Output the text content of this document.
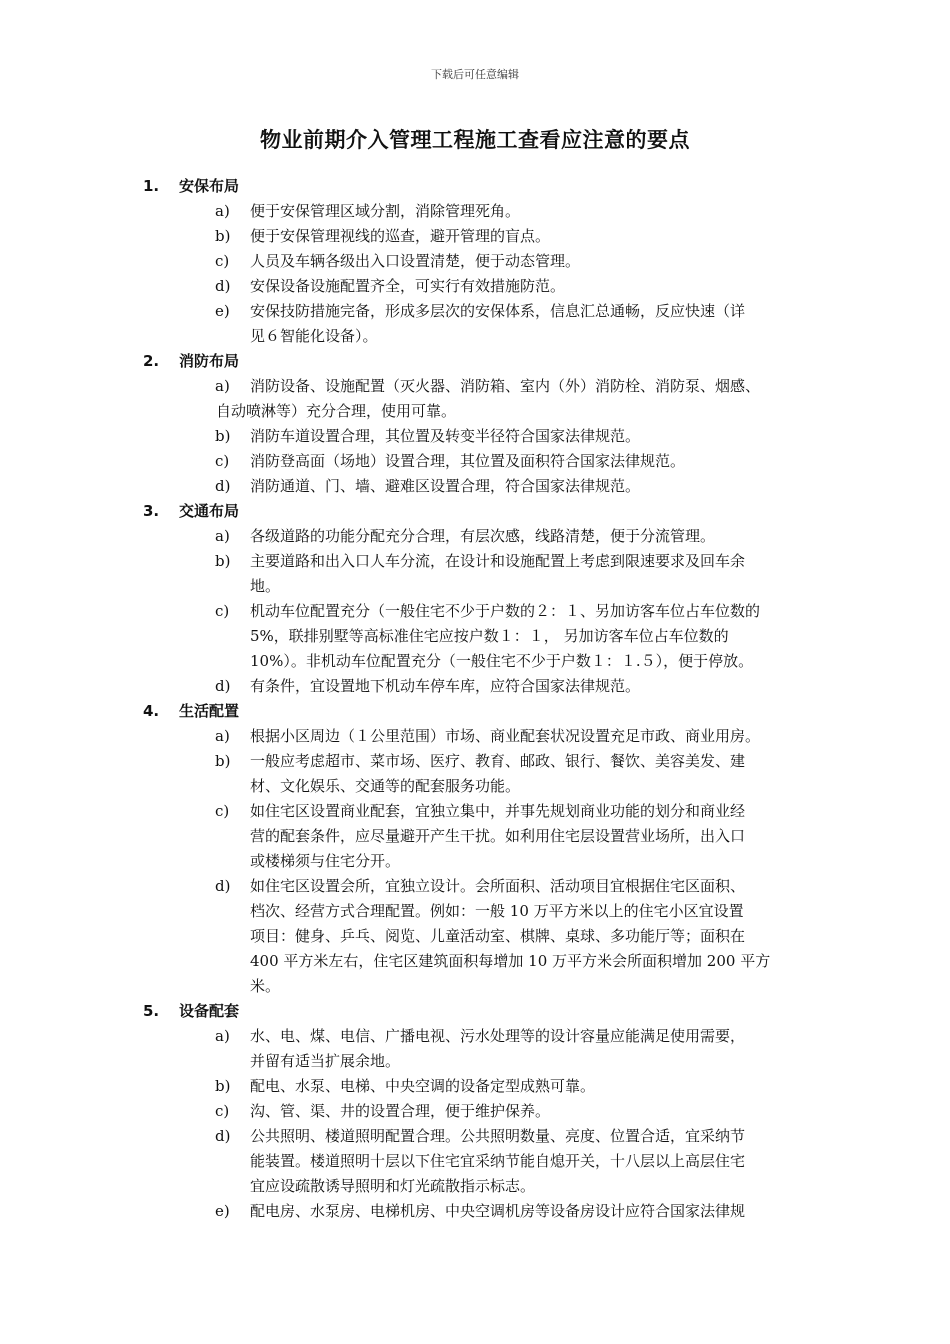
下载后可任意编辑
物业前期介入管理工程施工查看应注意的要点
1. 安保布局
a) 便于安保管理区域分割，消除管理死角。
b) 便于安保管理视线的巡查，避开管理的盲点。
c) 人员及车辆各级出入口设置清楚，便于动态管理。
d) 安保设备设施配置齐全，可实行有效措施防范。
e) 安保技防措施完备，形成多层次的安保体系，信息汇总通畅，反应快速（详
见６智能化设备）。
2. 消防布局
a)	消防设备、设施配置（灭火器、消防箱、室内（外）消防栓、消防泵、烟感、
自动喷淋等）充分合理，使用可靠。
b) 消防车道设置合理，其位置及转变半径符合国家法律规范。
c) 消防登高面（场地）设置合理，其位置及面积符合国家法律规范。
d) 消防通道、门、墙、避难区设置合理，符合国家法律规范。
3. 交通布局
a) 各级道路的功能分配充分合理，有层次感，线路清楚，便于分流管理。
b) 主要道路和出入口人车分流，在设计和设施配置上考虑到限速要求及回车余
地。
c) 机动车位配置充分（一般住宅不少于户数的２：１、另加访客车位占车位数的
5%，联排别墅等高标准住宅应按户数１：１， 另加访客车位占车位数的
10%）。非机动车位配置充分（一般住宅不少于户数１：１.５），便于停放。
d) 有条件，宜设置地下机动车停车库，应符合国家法律规范。
4. 生活配置
a) 根据小区周边（１公里范围）市场、商业配套状况设置充足市政、商业用房。
b) 一般应考虑超市、菜市场、医疗、教育、邮政、银行、餐饮、美容美发、建
材、文化娱乐、交通等的配套服务功能。
c) 如住宅区设置商业配套，宜独立集中，并事先规划商业功能的划分和商业经
营的配套条件，应尽量避开产生干扰。如利用住宅层设置营业场所，出入口
或楼梯须与住宅分开。
d) 如住宅区设置会所，宜独立设计。会所面积、活动项目宜根据住宅区面积、
档次、经营方式合理配置。例如：一般 10 万平方米以上的住宅小区宜设置
项目：健身、乒乓、阅览、儿童活动室、棋牌、桌球、多功能厅等；面积在
400 平方米左右，住宅区建筑面积每增加 10 万平方米会所面积增加 200 平方
米。
5. 设备配套
a) 水、电、煤、电信、广播电视、污水处理等的设计容量应能满足使用需要，
并留有适当扩展余地。
b) 配电、水泵、电梯、中央空调的设备定型成熟可靠。
c) 沟、管、渠、井的设置合理，便于维护保养。
d) 公共照明、楼道照明配置合理。公共照明数量、亮度、位置合适，宜采纳节
能装置。楼道照明十层以下住宅宜采纳节能自熄开关，十八层以上高层住宅
宜应设疏散诱导照明和灯光疏散指示标志。
e) 配电房、水泵房、电梯机房、中央空调机房等设备房设计应符合国家法律规
